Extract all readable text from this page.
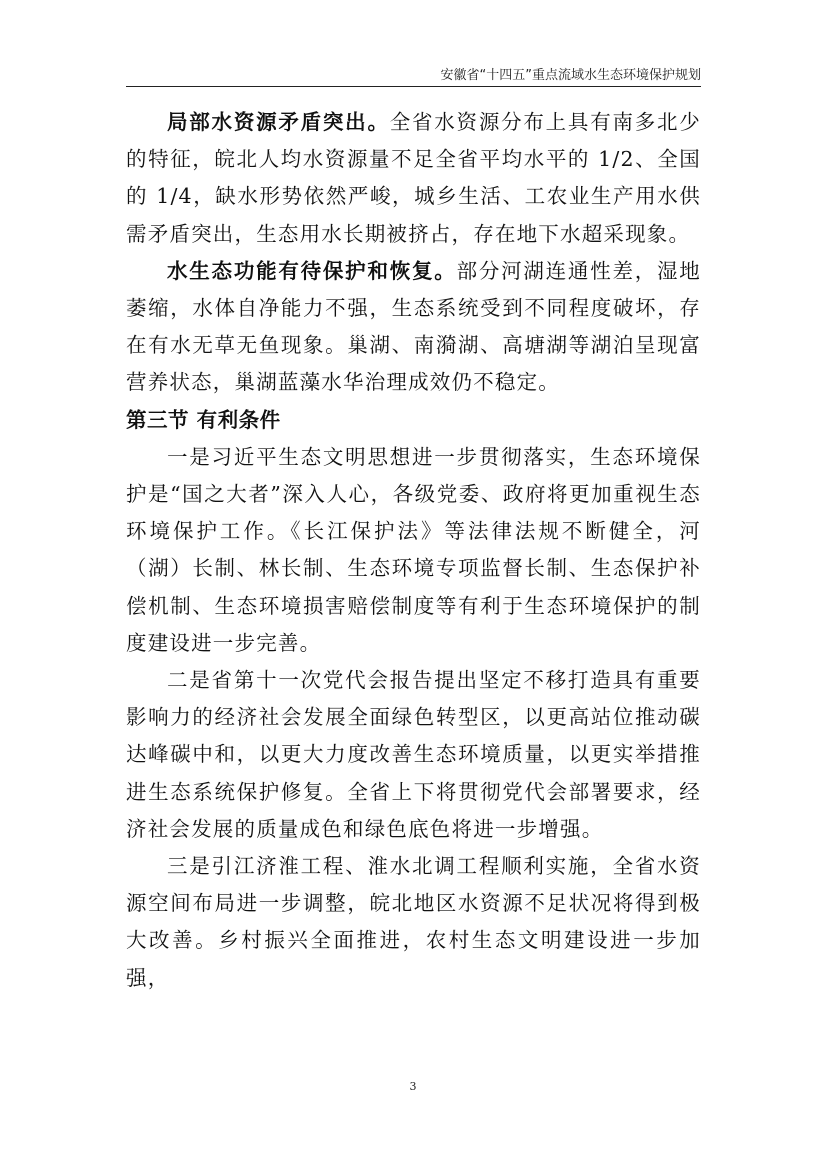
安徽省“十四五”重点流域水生态环境保护规划

局部水资源矛盾突出。全省水资源分布上具有南多北少的特征，皖北人均水资源量不足全省平均水平的 1/2、全国的 1/4，缺水形势依然严峻，城乡生活、工农业生产用水供需矛盾突出，生态用水长期被挤占，存在地下水超采现象。

水生态功能有待保护和恢复。部分河湖连通性差，湿地萎缩，水体自净能力不强，生态系统受到不同程度破坏，存在有水无草无鱼现象。巢湖、南漪湖、高塘湖等湖泊呈现富营养状态，巢湖蓝藻水华治理成效仍不稳定。

第三节 有利条件

一是习近平生态文明思想进一步贯彻落实，生态环境保护是“国之大者”深入人心，各级党委、政府将更加重视生态环境保护工作。《长江保护法》等法律法规不断健全，河（湖）长制、林长制、生态环境专项监督长制、生态保护补偿机制、生态环境损害赔偿制度等有利于生态环境保护的制度建设进一步完善。

二是省第十一次党代会报告提出坚定不移打造具有重要影响力的经济社会发展全面绿色转型区，以更高站位推动碳达峰碳中和，以更大力度改善生态环境质量，以更实举措推进生态系统保护修复。全省上下将贯彻党代会部署要求，经济社会发展的质量成色和绿色底色将进一步增强。

三是引江济淮工程、淮水北调工程顺利实施，全省水资源空间布局进一步调整，皖北地区水资源不足状况将得到极大改善。乡村振兴全面推进，农村生态文明建设进一步加强，

3
